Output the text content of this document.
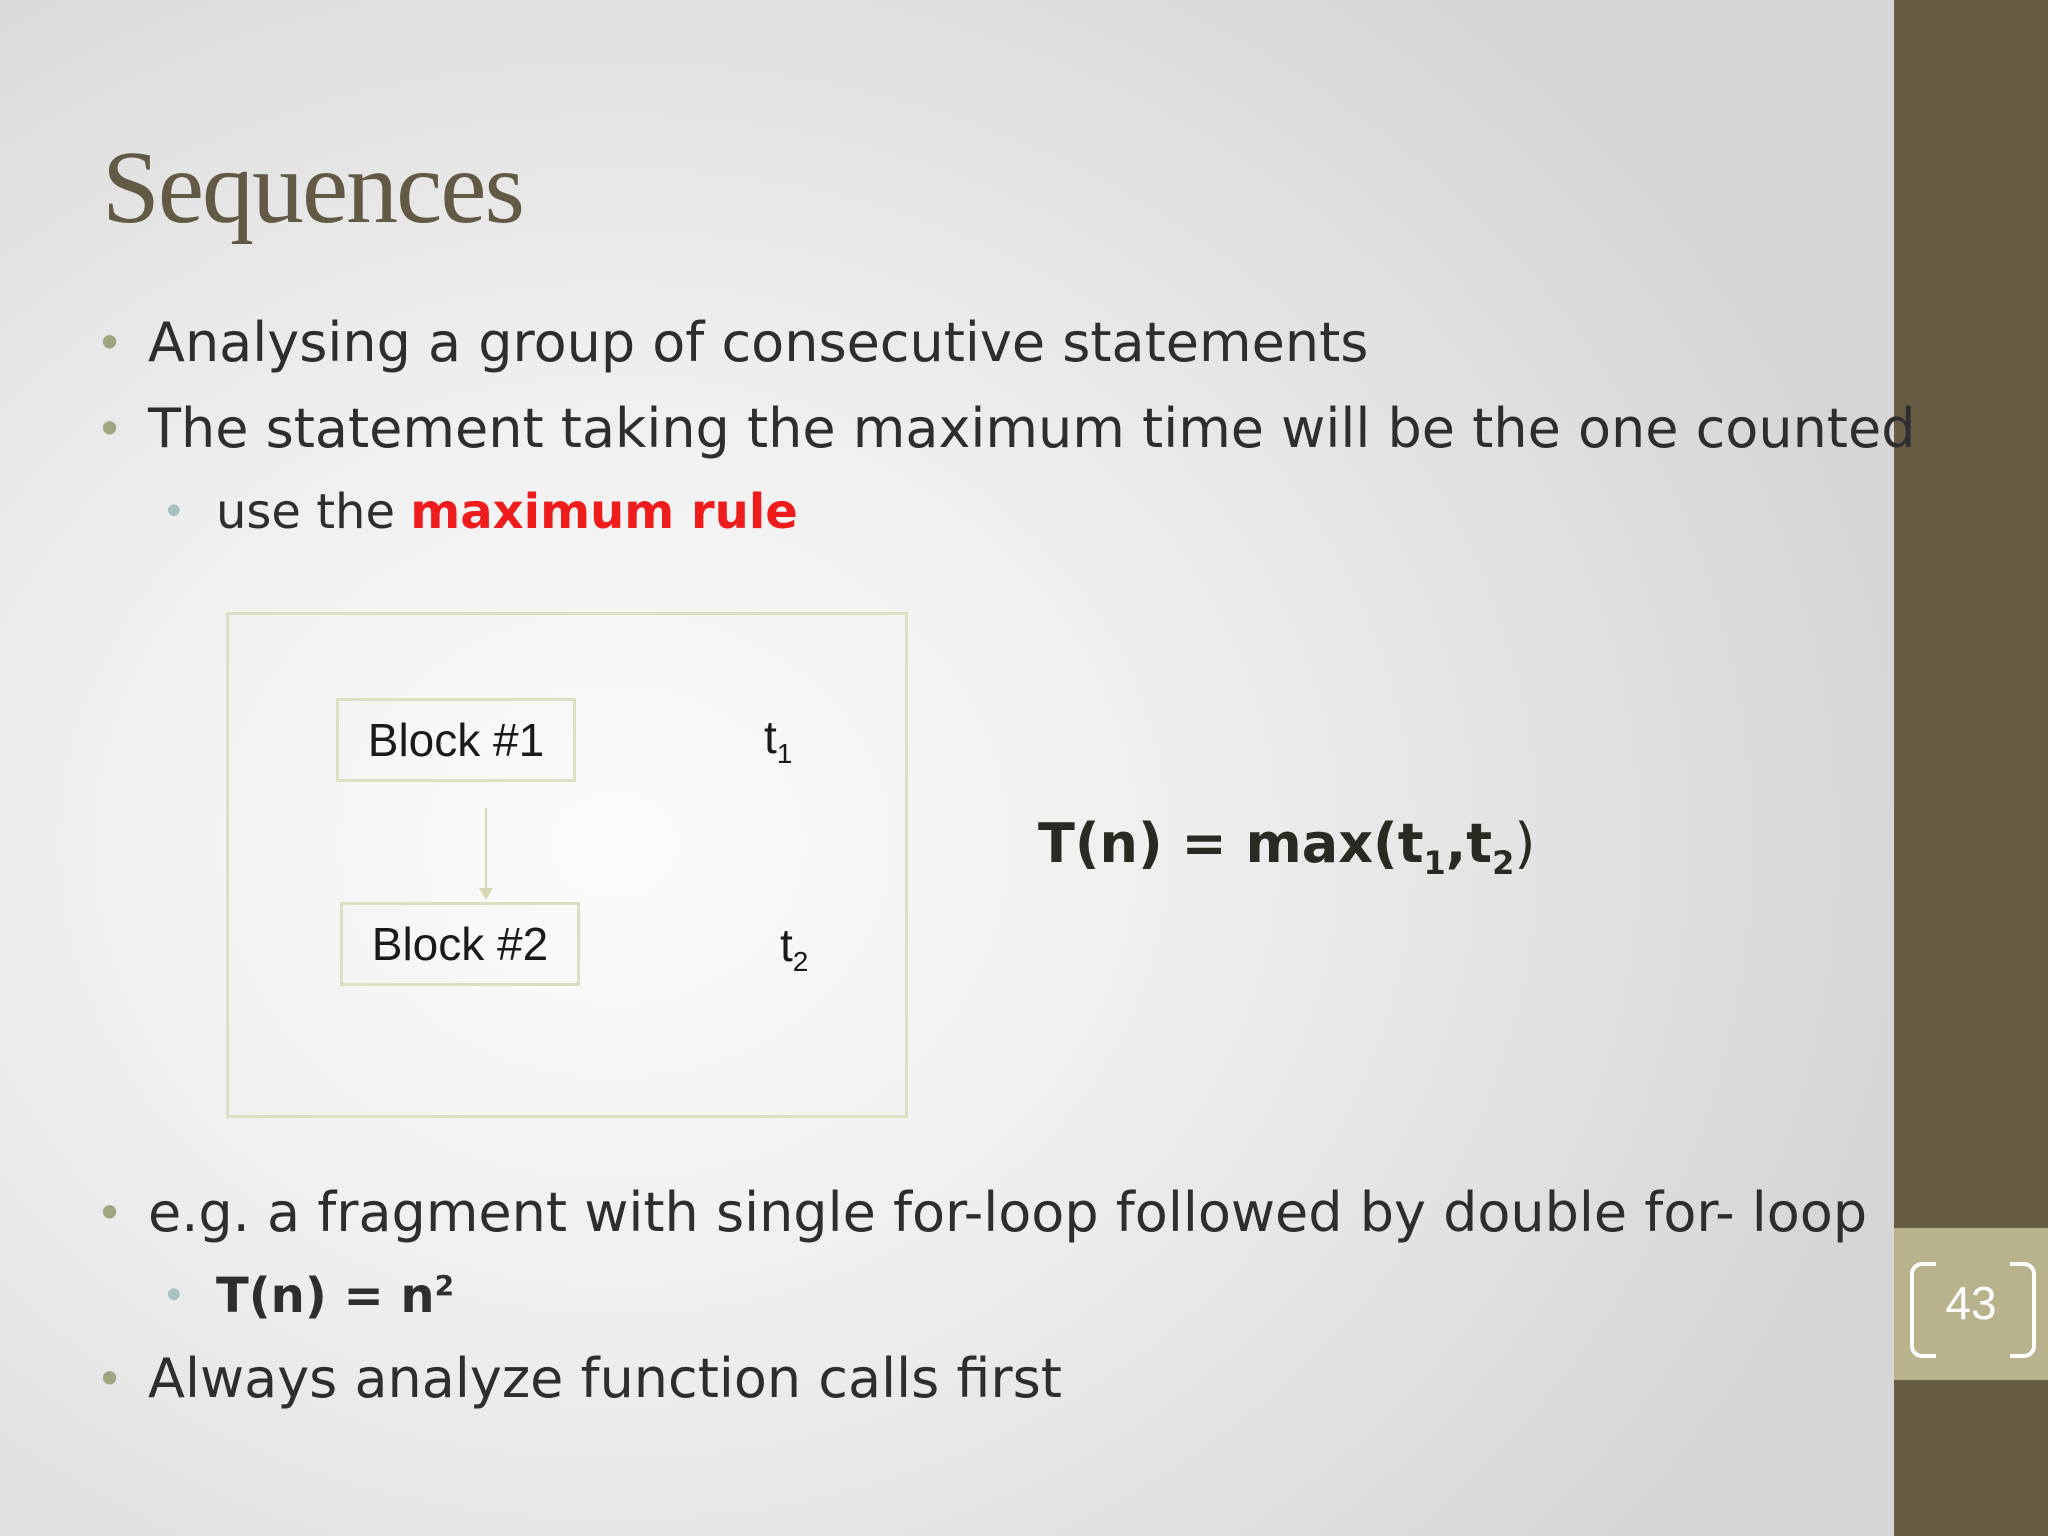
43
Sequences
• Analysing a group of consecutive statements
• The statement taking the maximum time will be the one counted
• use the maximum rule
Block #1
Block #2
$t_1$
$t_2$
$T(n) = \max(t_1,t_2)$
• e.g. a fragment with single for-loop followed by double for- loop
• $T(n) = n^2$
• Always analyze function calls first
